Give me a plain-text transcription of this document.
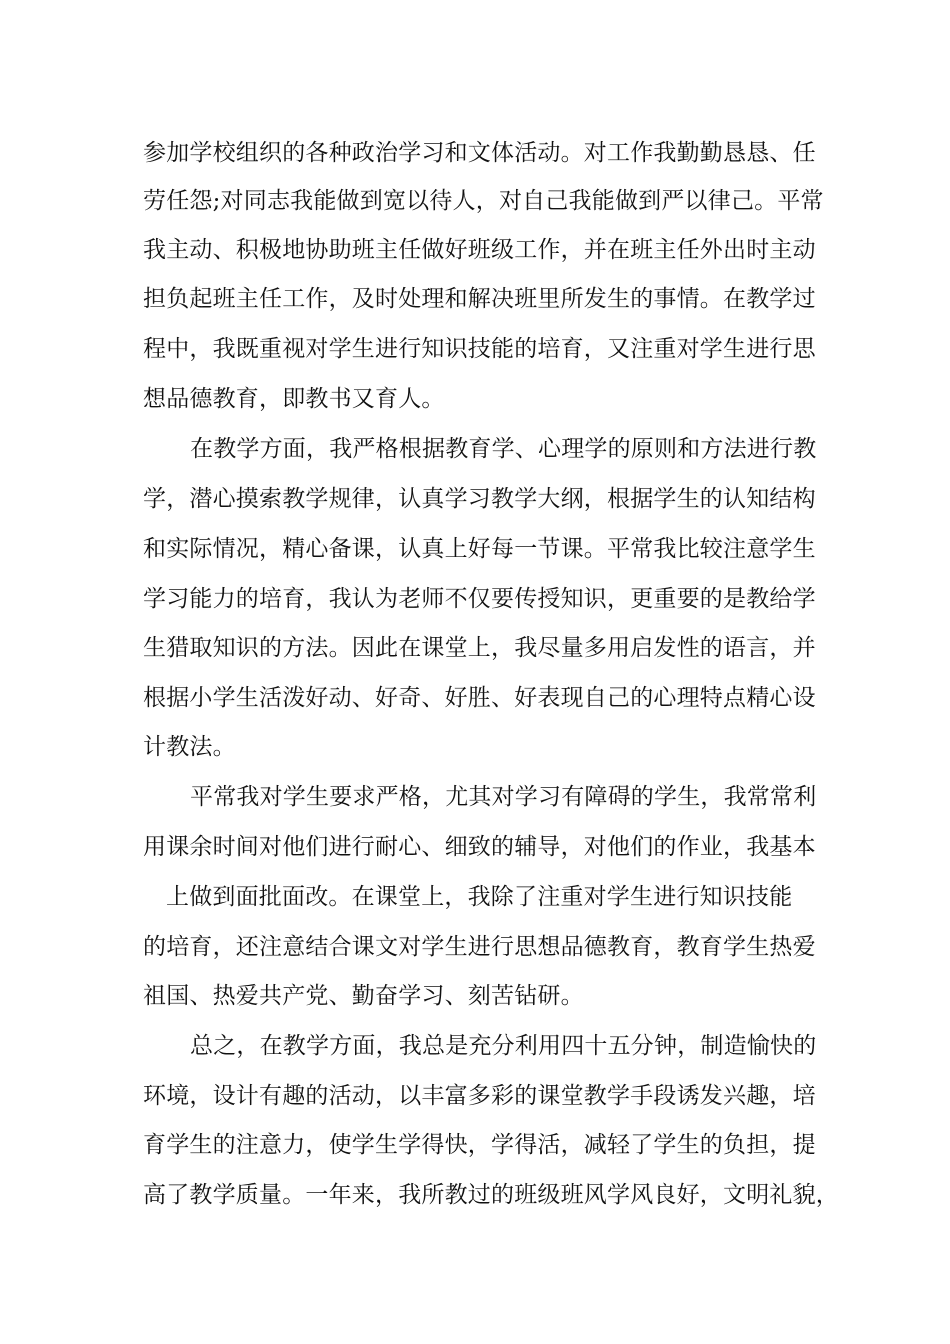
参加学校组织的各种政治学习和文体活动。对工作我勤勤恳恳、任
劳任怨;对同志我能做到宽以待人，对自己我能做到严以律己。平常
我主动、积极地协助班主任做好班级工作，并在班主任外出时主动
担负起班主任工作，及时处理和解决班里所发生的事情。在教学过
程中，我既重视对学生进行知识技能的培育，又注重对学生进行思
想品德教育，即教书又育人。
在教学方面，我严格根据教育学、心理学的原则和方法进行教
学，潜心摸索教学规律，认真学习教学大纲，根据学生的认知结构
和实际情况，精心备课，认真上好每一节课。平常我比较注意学生
学习能力的培育，我认为老师不仅要传授知识，更重要的是教给学
生猎取知识的方法。因此在课堂上，我尽量多用启发性的语言，并
根据小学生活泼好动、好奇、好胜、好表现自己的心理特点精心设
计教法。
平常我对学生要求严格，尤其对学习有障碍的学生，我常常利
用课余时间对他们进行耐心、细致的辅导，对他们的作业，我基本
上做到面批面改。在课堂上，我除了注重对学生进行知识技能
的培育，还注意结合课文对学生进行思想品德教育，教育学生热爱
祖国、热爱共产党、勤奋学习、刻苦钻研。
总之，在教学方面，我总是充分利用四十五分钟，制造愉快的
环境，设计有趣的活动，以丰富多彩的课堂教学手段诱发兴趣，培
育学生的注意力，使学生学得快，学得活，减轻了学生的负担，提
高了教学质量。一年来，我所教过的班级班风学风良好，文明礼貌，
